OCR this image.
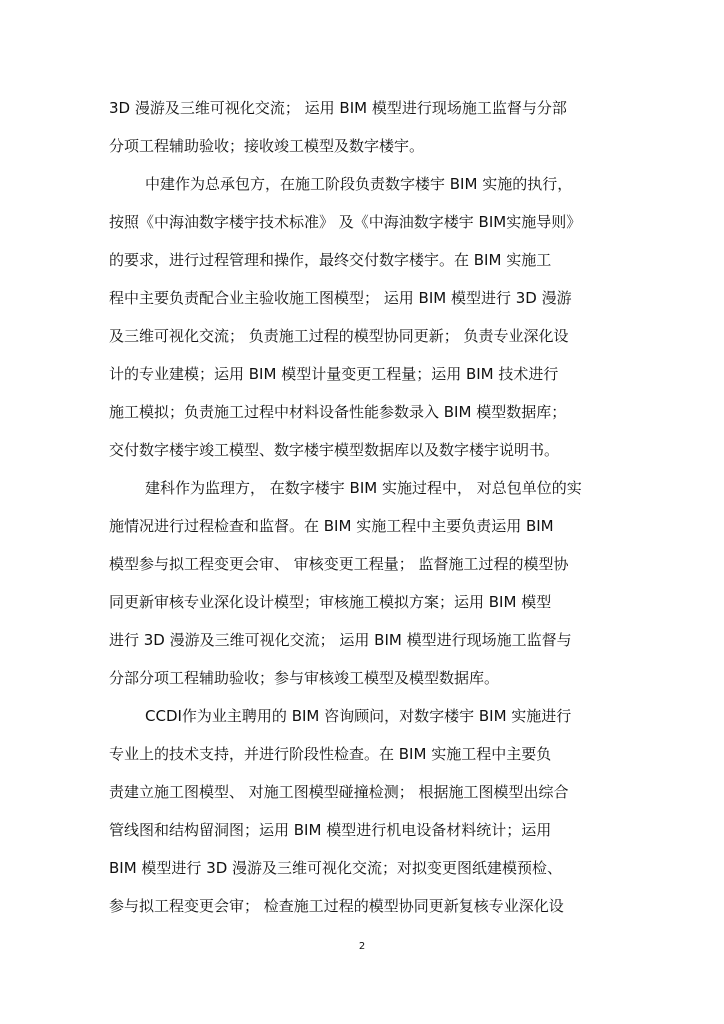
3D 漫游及三维可视化交流； 运用 BIM 模型进行现场施工监督与分部
分项工程辅助验收；接收竣工模型及数字楼宇。
中建作为总承包方，在施工阶段负责数字楼宇 BIM 实施的执行，
按照《中海油数字楼宇技术标准》 及《中海油数字楼宇 BIM实施导则》
的要求，进行过程管理和操作，最终交付数字楼宇。在 BIM 实施工
程中主要负责配合业主验收施工图模型； 运用 BIM 模型进行 3D 漫游
及三维可视化交流； 负责施工过程的模型协同更新； 负责专业深化设
计的专业建模；运用 BIM 模型计量变更工程量；运用 BIM 技术进行
施工模拟；负责施工过程中材料设备性能参数录入 BIM 模型数据库；
交付数字楼宇竣工模型、数字楼宇模型数据库以及数字楼宇说明书。
建科作为监理方， 在数字楼宇 BIM 实施过程中， 对总包单位的实
施情况进行过程检查和监督。在 BIM 实施工程中主要负责运用 BIM
模型参与拟工程变更会审、 审核变更工程量； 监督施工过程的模型协
同更新审核专业深化设计模型；审核施工模拟方案；运用 BIM 模型
进行 3D 漫游及三维可视化交流； 运用 BIM 模型进行现场施工监督与
分部分项工程辅助验收；参与审核竣工模型及模型数据库。
CCDI作为业主聘用的 BIM 咨询顾问，对数字楼宇 BIM 实施进行
专业上的技术支持，并进行阶段性检查。在 BIM 实施工程中主要负
责建立施工图模型、 对施工图模型碰撞检测； 根据施工图模型出综合
管线图和结构留洞图；运用 BIM 模型进行机电设备材料统计；运用
BIM 模型进行 3D 漫游及三维可视化交流；对拟变更图纸建模预检、
参与拟工程变更会审； 检查施工过程的模型协同更新复核专业深化设
2
